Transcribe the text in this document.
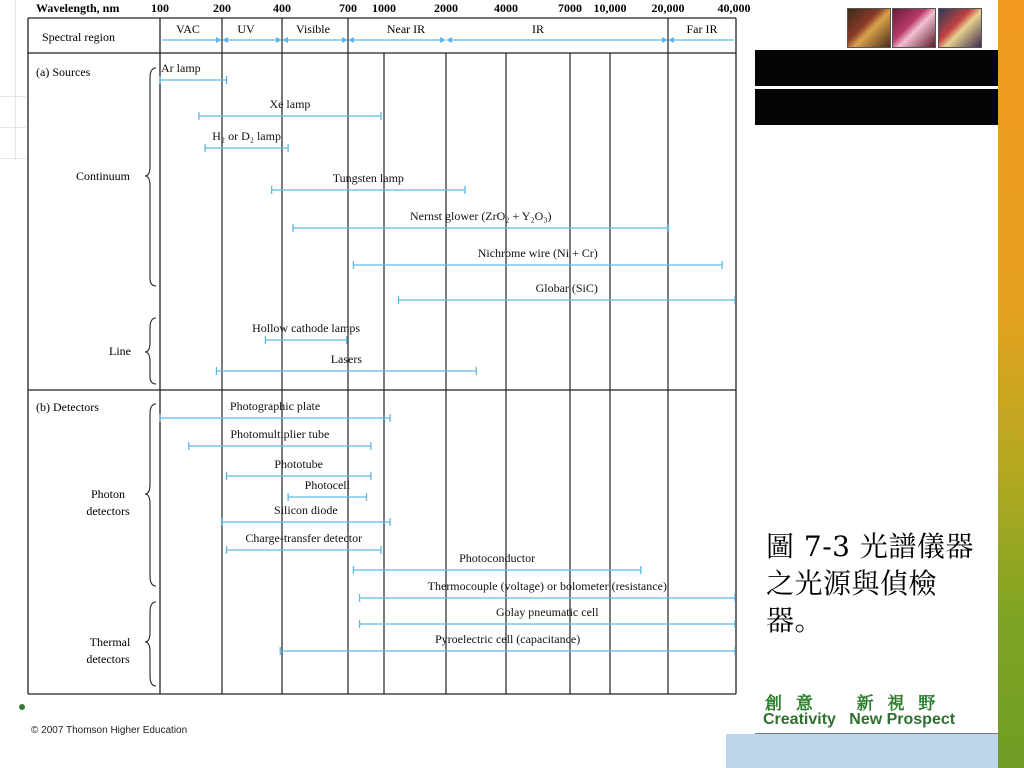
Wavelength, nm
Spectral region
100	200	400	700 1000	2000	4000	7000 10,000 20,000	40,000
VAC	UV	Visible	Near IR	IR	Far IR
(a) Sources
(b) Detectors
Continuum
Line
Photon
detectors
Thermal
detectors
Ar lamp
Xe lamp
H₂ or D₂ lamp
Tungsten lamp
Nernst glower (ZrO₂ + Y₂O₃)
Nichrome wire (Ni + Cr)
Globar (SiC)
Hollow cathode lamps
Lasers
Photographic plate
Photomultiplier tube
Phototube
Photocell
Silicon diode
Charge-transfer detector
Photoconductor
Thermocouple (voltage) or bolometer (resistance)
Golay pneumatic cell
Pyroelectric cell (capacitance)
圖 7-3 光譜儀器之光源與偵檢器。
創 意    新 視 野
Creativity   New Prospect
© 2007 Thomson Higher Education
